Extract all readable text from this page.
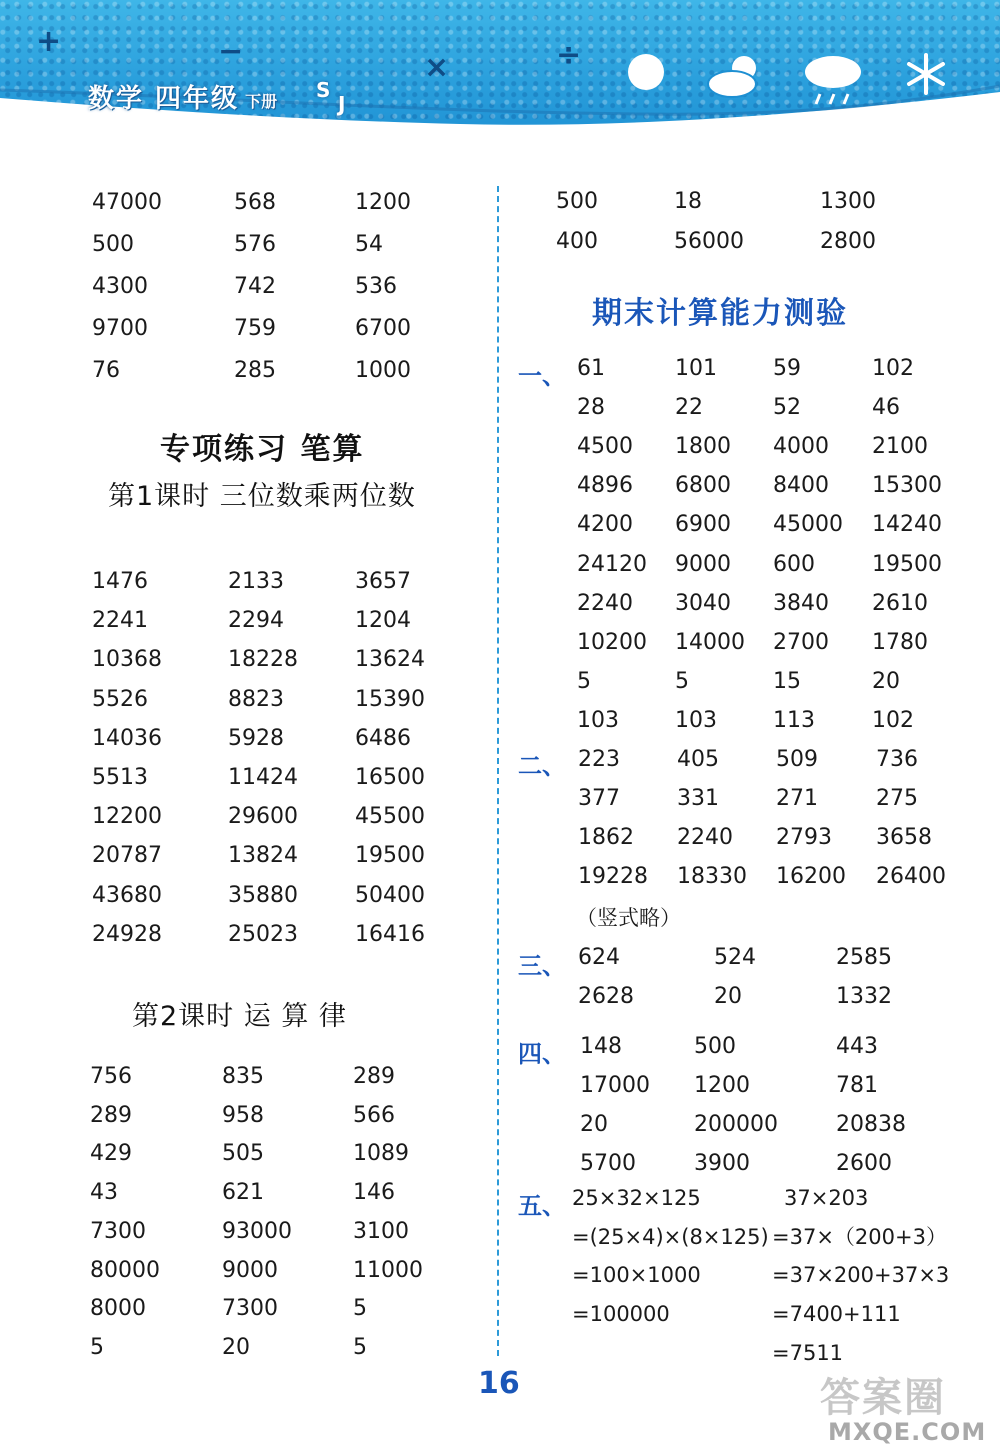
+	−	×	÷
数学 四年级 下册 S
J
47000	568	1200
500	576	54
4300	742	536
9700	759	6700
76	285	1000
专项练习 笔算
第1课时 三位数乘两位数
1476	2133	3657
2241	2294	1204
10368	18228	13624
5526	8823	15390
14036	5928	6486
5513	11424	16500
12200	29600	45500
20787	13824	19500
43680	35880	50400
24928	25023	16416
第2课时 运 算 律
756	835	289
289	958	566
429	505	1089
43	621	146
7300	93000	3100
80000	9000	11000
8000	7300	5
5	20	5
500	18	1300
400	56000	2800
期末计算能力测验
一、 61	101	59	102
28	22	52	46
4500 1800 4000 2100
4896 6800 8400 15300
4200 6900 45000 14240
24120 9000 600	19500
2240 3040 3840 2610
10200 14000 2700 1780
5	5	15	20
103	103	113	102
二、 223	405	509	736
377	331	271	275
1862 2240 2793 3658
19228 18330 16200 26400
（竖式略）
三、 624	524	2585
2628	20	1332
四、 148	500	443
17000 1200	781
20	200000	20838
5700	3900	2600
五、 25×32×125
=(25×4)×(8×125)
=100×1000
=100000
37×203
=37×（200+3）
=37×200+37×3
=7400+111
=7511
16	答案圈
MXQE.COM
